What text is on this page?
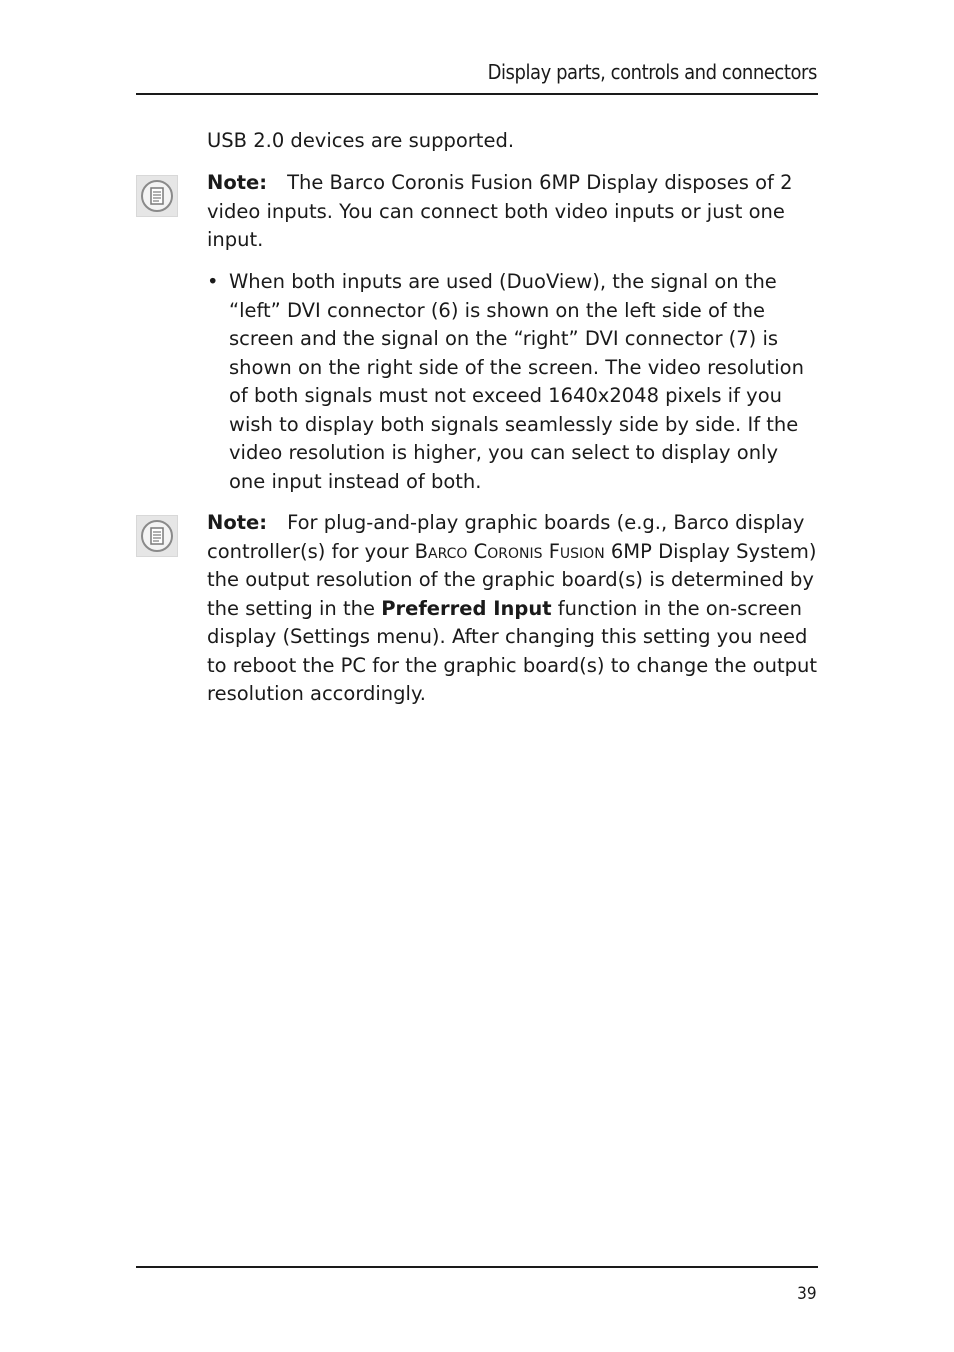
Display parts, controls and connectors
USB 2.0 devices are supported.
Note: The Barco Coronis Fusion 6MP Display disposes of 2 video inputs. You can connect both video inputs or just one input.
• When both inputs are used (DuoView), the signal on the “left” DVI connector (6) is shown on the left side of the screen and the signal on the “right” DVI connector (7) is shown on the right side of the screen. The video resolution of both signals must not exceed 1640x2048 pixels if you wish to display both signals seamlessly side by side. If the video resolution is higher, you can select to display only one input instead of both.
Note: For plug-and-play graphic boards (e.g., Barco display controller(s) for your Barco Coronis Fusion 6MP Display System) the output resolution of the graphic board(s) is determined by the setting in the Preferred Input function in the on-screen display (Settings menu). After changing this setting you need to reboot the PC for the graphic board(s) to change the output resolution accordingly.
39
